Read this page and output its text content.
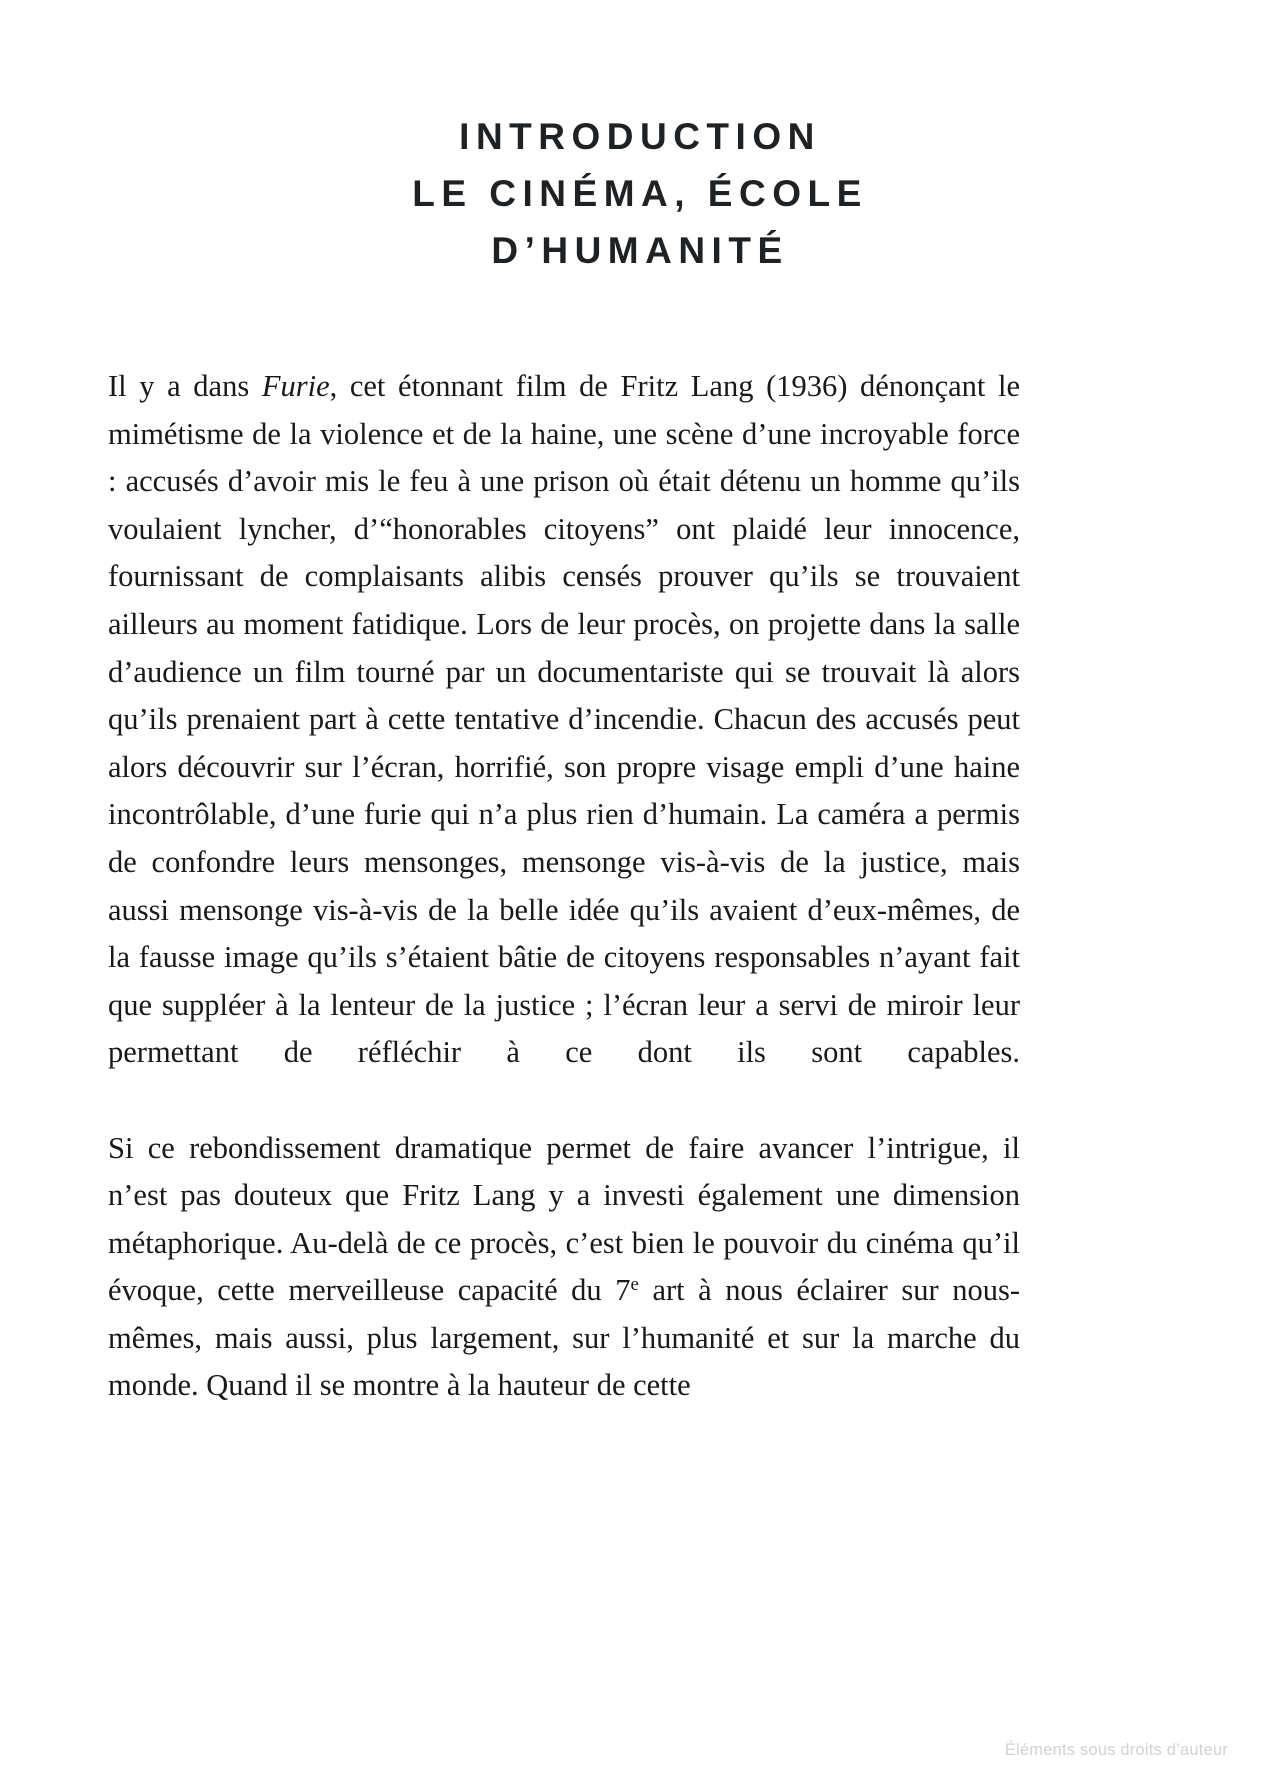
INTRODUCTION
LE CINÉMA, ÉCOLE
D’HUMANITÉ

Il y a dans Furie, cet étonnant film de Fritz Lang (1936) dénonçant le mimétisme de la violence et de la haine, une scène d’une incroyable force : accusés d’avoir mis le feu à une prison où était détenu un homme qu’ils voulaient lyncher, d’“honorables citoyens” ont plaidé leur innocence, fournissant de complaisants alibis censés prouver qu’ils se trouvaient ailleurs au moment fatidique. Lors de leur procès, on projette dans la salle d’audience un film tourné par un documentariste qui se trouvait là alors qu’ils prenaient part à cette tentative d’incendie. Chacun des accusés peut alors découvrir sur l’écran, horrifié, son propre visage empli d’une haine incontrôlable, d’une furie qui n’a plus rien d’humain. La caméra a permis de confondre leurs mensonges, mensonge vis-à-vis de la justice, mais aussi mensonge vis-à-vis de la belle idée qu’ils avaient d’eux-mêmes, de la fausse image qu’ils s’étaient bâtie de citoyens responsables n’ayant fait que suppléer à la lenteur de la justice ; l’écran leur a servi de miroir leur permettant de réfléchir à ce dont ils sont capables.

Si ce rebondissement dramatique permet de faire avancer l’intrigue, il n’est pas douteux que Fritz Lang y a investi également une dimension métaphorique. Au-delà de ce procès, c’est bien le pouvoir du cinéma qu’il évoque, cette merveilleuse capacité du 7e art à nous éclairer sur nous-mêmes, mais aussi, plus largement, sur l’humanité et sur la marche du monde. Quand il se montre à la hauteur de cette

Éléments sous droits d’auteur
